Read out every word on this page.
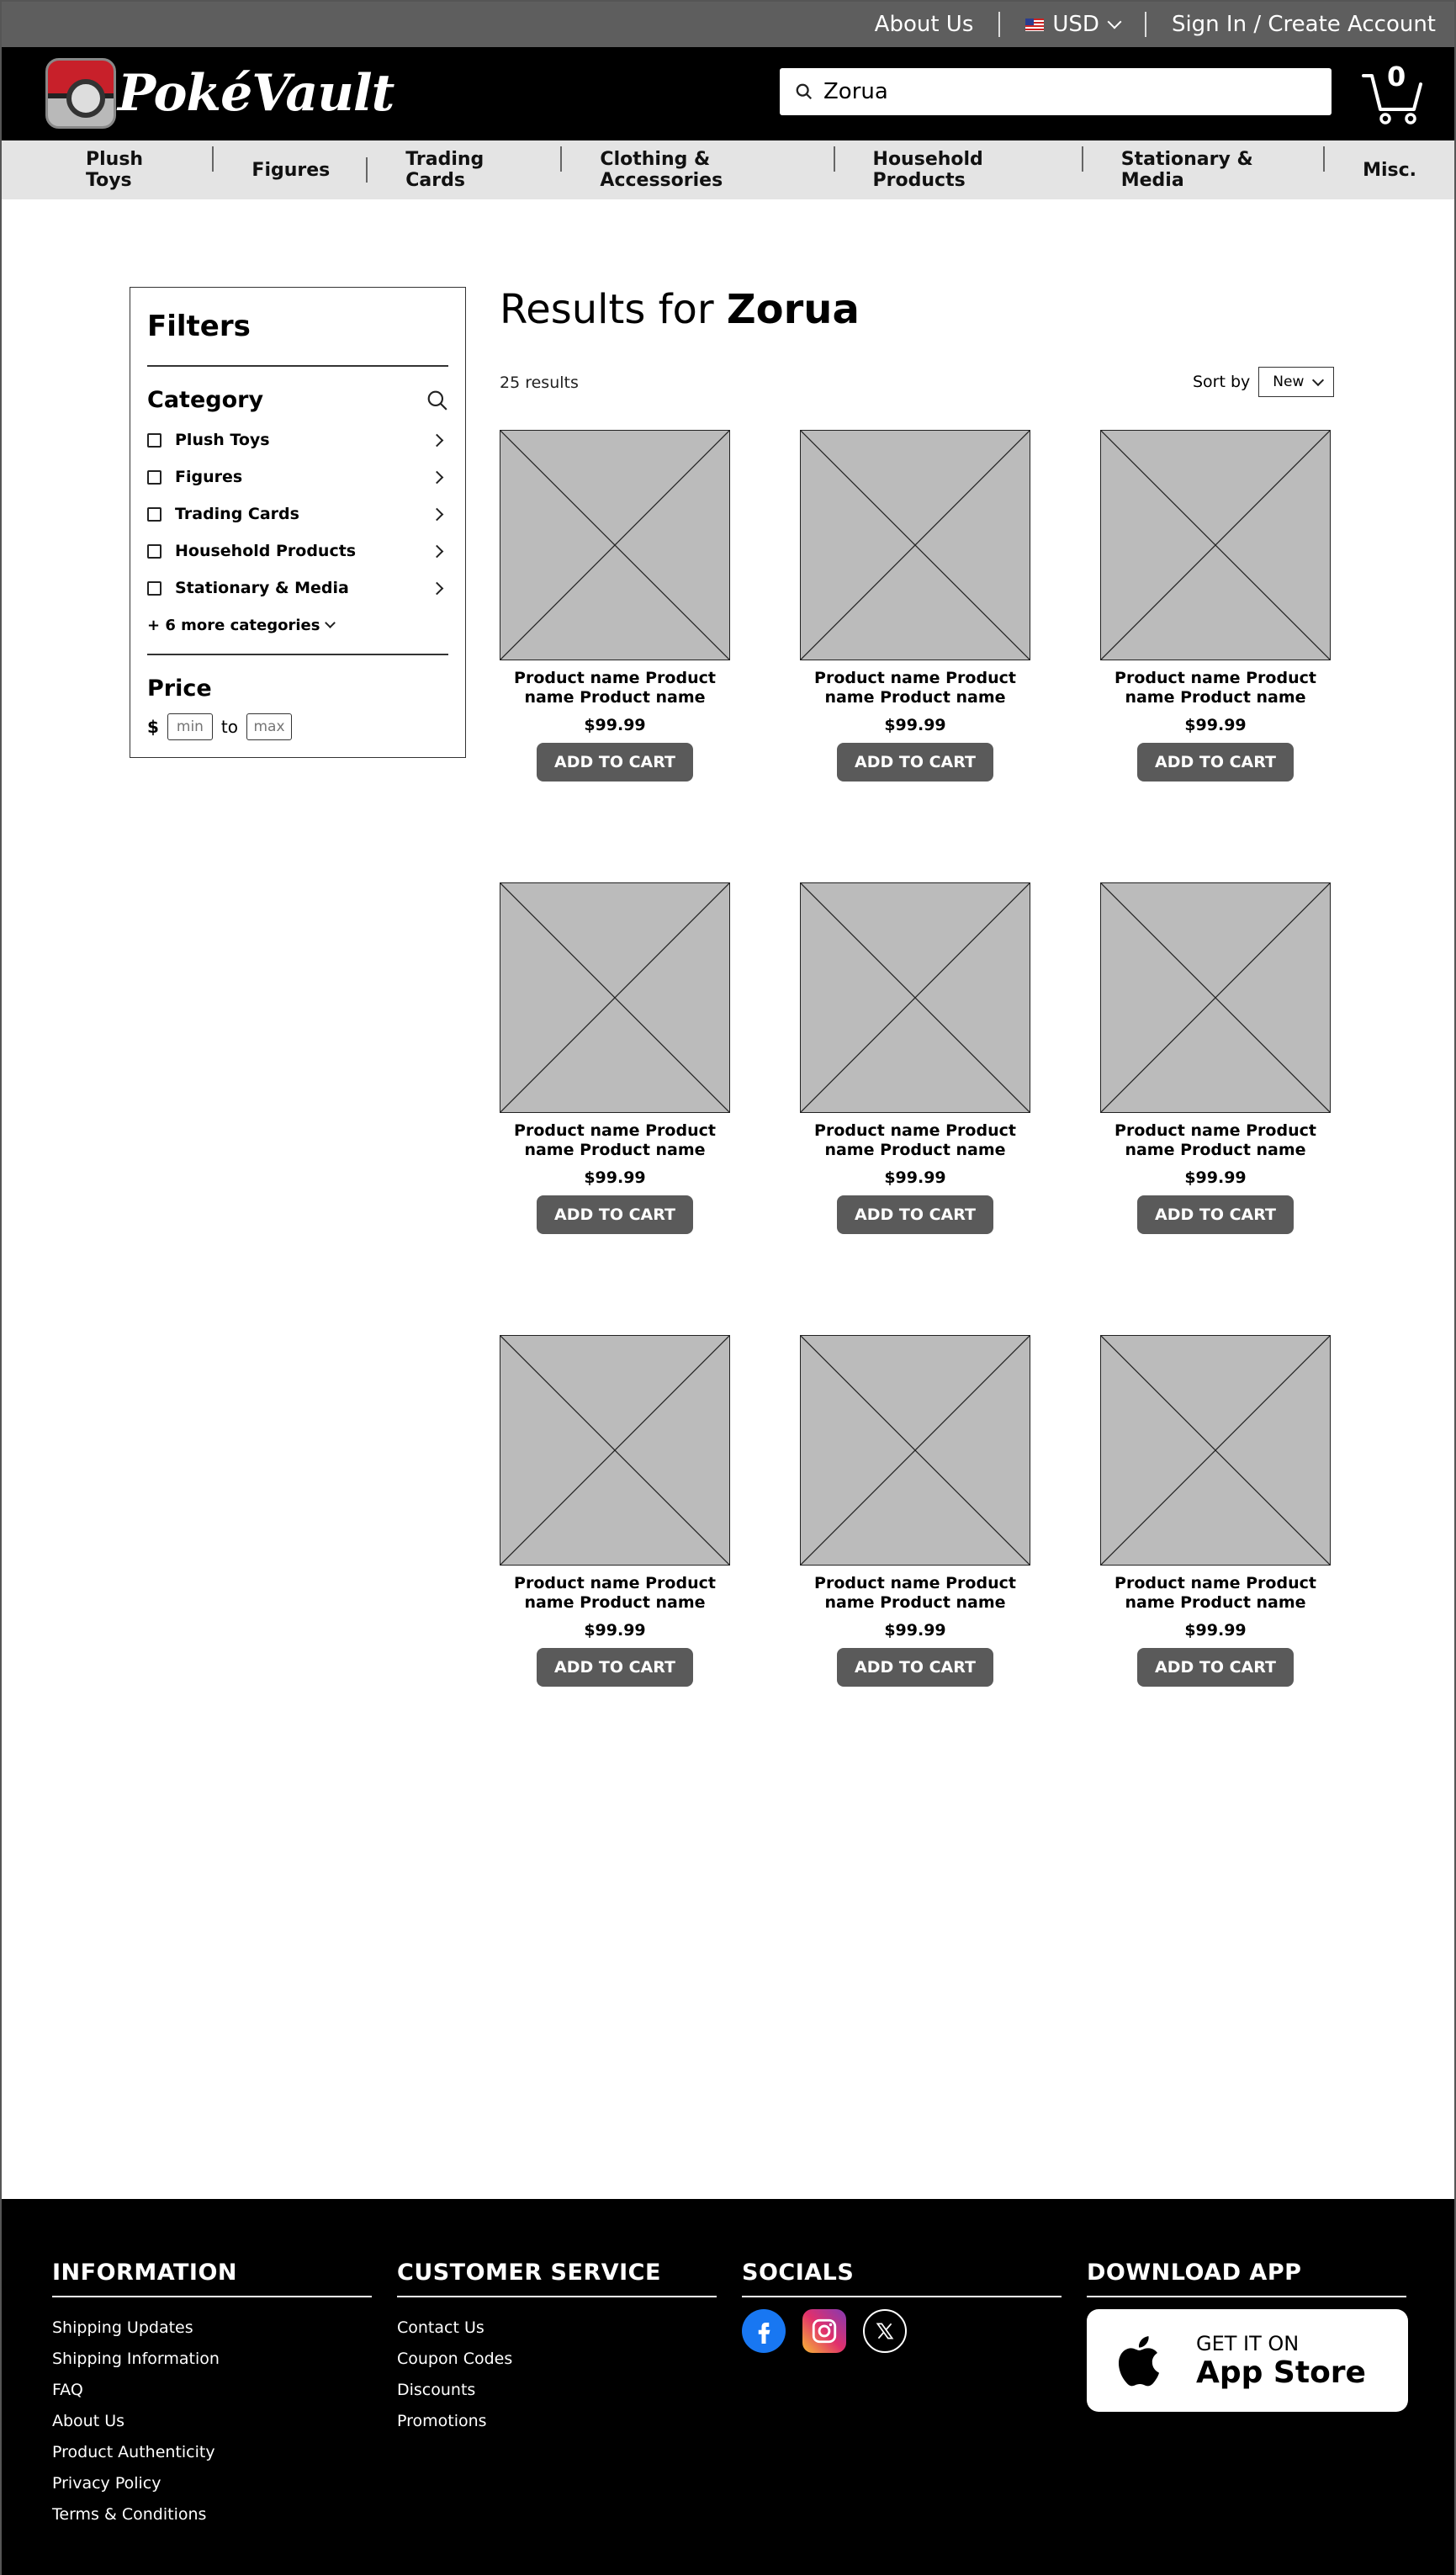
About Us	USD	Sign In / Create Account
PokéVault
Zorua	0
Plush Toys	Figures	Trading Cards
Clothing & Accessories
Household Products
Stationary & Media	Misc.
Filters
Category
Plush Toys
Figures
Trading Cards
Household Products
Stationary & Media
+ 6 more categories
Price
$
min	to
max
Results for Zorua
25 results	Sort by New
Product name Product name Product name
$99.99
ADD TO CART
Product name Product name Product name
$99.99
ADD TO CART
Product name Product name Product name
$99.99
ADD TO CART
Product name Product name Product name
$99.99
ADD TO CART
Product name Product name Product name
$99.99
ADD TO CART
Product name Product name Product name
$99.99
ADD TO CART
Product name Product name Product name
$99.99
ADD TO CART
Product name Product name Product name
$99.99
ADD TO CART
Product name Product name Product name
$99.99
ADD TO CART
INFORMATION
Shipping Updates
Shipping Information
FAQ
About Us
Product Authenticity
Privacy Policy
Terms & Conditions
CUSTOMER SERVICE
Contact Us
Coupon Codes
Discounts
Promotions
SOCIALS	DOWNLOAD APP
GET IT ON
App Store
